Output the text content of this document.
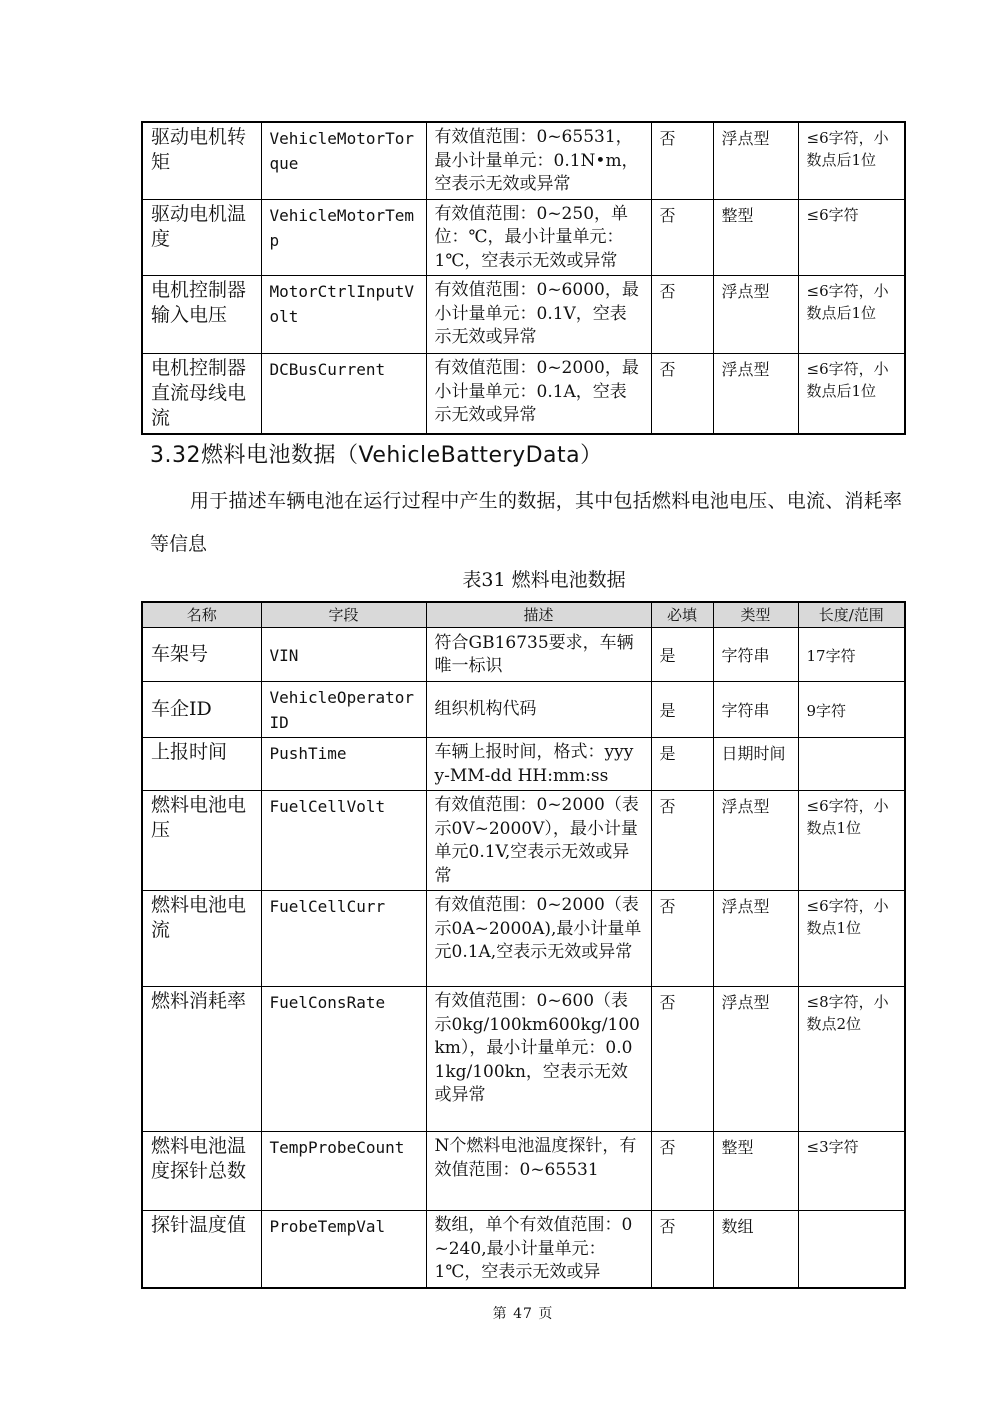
驱动电机转矩	VehicleMotorTorque	有效值范围：0~65531，最小计量单元：0.1N•m，空表示无效或异常	否	浮点型	≤6字符，小数点后1位
驱动电机温度	VehicleMotorTemp	有效值范围：0~250，单位：℃，最小计量单元：1℃，空表示无效或异常	否	整型	≤6字符
电机控制器输入电压	MotorCtrlInputVolt	有效值范围：0~6000，最小计量单元：0.1V，空表示无效或异常	否	浮点型	≤6字符，小数点后1位
电机控制器直流母线电流	DCBusCurrent	有效值范围：0~2000，最小计量单元：0.1A，空表示无效或异常	否	浮点型	≤6字符，小数点后1位
3.32燃料电池数据（VehicleBatteryData）

用于描述车辆电池在运行过程中产生的数据，其中包括燃料电池电压、电流、消耗率等信息

表31 燃料电池数据

名称	字段	描述	必填	类型	长度/范围
车架号	VIN	符合GB16735要求，车辆唯一标识	是	字符串	17字符
车企ID	VehicleOperatorID	组织机构代码	是	字符串	9字符
上报时间	PushTime	车辆上报时间，格式：yyyy-MM-dd HH:mm:ss	是	日期时间	
燃料电池电压	FuelCellVolt	有效值范围：0~2000（表示0V~2000V），最小计量单元0.1V,空表示无效或异常	否	浮点型	≤6字符，小数点1位
燃料电池电流	FuelCellCurr	有效值范围：0~2000（表示0A~2000A),最小计量单元0.1A,空表示无效或异常	否	浮点型	≤6字符，小数点1位
燃料消耗率	FuelConsRate	有效值范围：0~600（表示0kg/100km600kg/100km），最小计量单元：0.01kg/100kn，空表示无效或异常	否	浮点型	≤8字符，小数点2位
燃料电池温度探针总数	TempProbeCount	N个燃料电池温度探针，有效值范围：0~65531	否	整型	≤3字符
探针温度值	ProbeTempVal	数组，单个有效值范围：0~240,最小计量单元：1℃，空表示无效或异	否	数组	

第 47 页
